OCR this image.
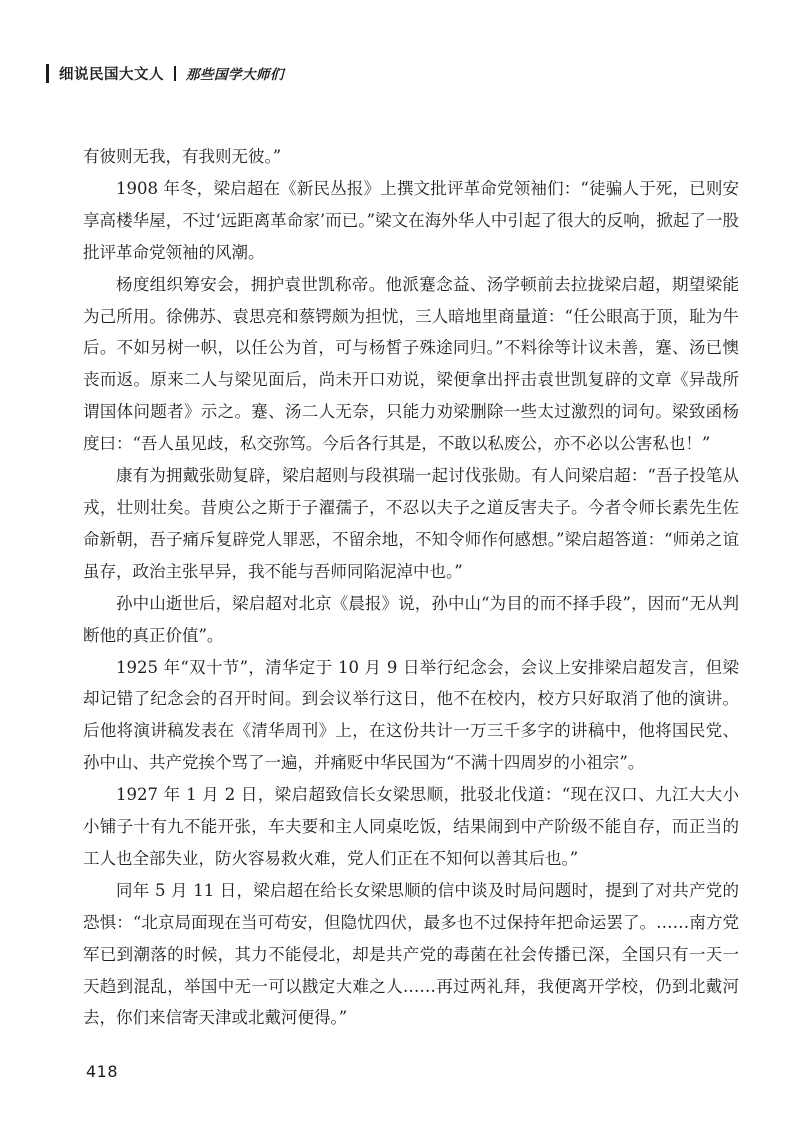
细说民国大文人 那些国学大师们

有彼则无我，有我则无彼。”

1908 年冬，梁启超在《新民丛报》上撰文批评革命党领袖们：“徒骗人于死，已则安享高楼华屋，不过‘远距离革命家’而已。”梁文在海外华人中引起了很大的反响，掀起了一股批评革命党领袖的风潮。

杨度组织筹安会，拥护袁世凯称帝。他派蹇念益、汤学顿前去拉拢梁启超，期望梁能为己所用。徐佛苏、袁思亮和蔡锷颇为担忧，三人暗地里商量道：“任公眼高于顶，耻为牛后。不如另树一帜，以任公为首，可与杨皙子殊途同归。”不料徐等计议未善，蹇、汤已懊丧而返。原来二人与梁见面后，尚未开口劝说，梁便拿出抨击袁世凯复辟的文章《异哉所谓国体问题者》示之。蹇、汤二人无奈，只能力劝梁删除一些太过激烈的词句。梁致函杨度曰：“吾人虽见歧，私交弥笃。今后各行其是，不敢以私废公，亦不必以公害私也！”

康有为拥戴张勋复辟，梁启超则与段祺瑞一起讨伐张勋。有人问梁启超：“吾子投笔从戎，壮则壮矣。昔庾公之斯于子濯孺子，不忍以夫子之道反害夫子。今者令师长素先生佐命新朝，吾子痛斥复辟党人罪恶，不留余地，不知令师作何感想。”梁启超答道：“师弟之谊虽存，政治主张早异，我不能与吾师同陷泥淖中也。”

孙中山逝世后，梁启超对北京《晨报》说，孙中山“为目的而不择手段”，因而“无从判断他的真正价值”。

1925 年“双十节”，清华定于 10 月 9 日举行纪念会，会议上安排梁启超发言，但梁却记错了纪念会的召开时间。到会议举行这日，他不在校内，校方只好取消了他的演讲。后他将演讲稿发表在《清华周刊》上，在这份共计一万三千多字的讲稿中，他将国民党、孙中山、共产党挨个骂了一遍，并痛贬中华民国为“不满十四周岁的小祖宗”。

1927 年 1 月 2 日，梁启超致信长女梁思顺，批驳北伐道：“现在汉口、九江大大小小铺子十有九不能开张，车夫要和主人同桌吃饭，结果闹到中产阶级不能自存，而正当的工人也全部失业，防火容易救火难，党人们正在不知何以善其后也。”

同年 5 月 11 日，梁启超在给长女梁思顺的信中谈及时局问题时，提到了对共产党的恐惧：“北京局面现在当可苟安，但隐忧四伏，最多也不过保持年把命运罢了。……南方党军已到潮落的时候，其力不能侵北，却是共产党的毒菌在社会传播已深，全国只有一天一天趋到混乱，举国中无一可以戡定大难之人……再过两礼拜，我便离开学校，仍到北戴河去，你们来信寄天津或北戴河便得。”

418
